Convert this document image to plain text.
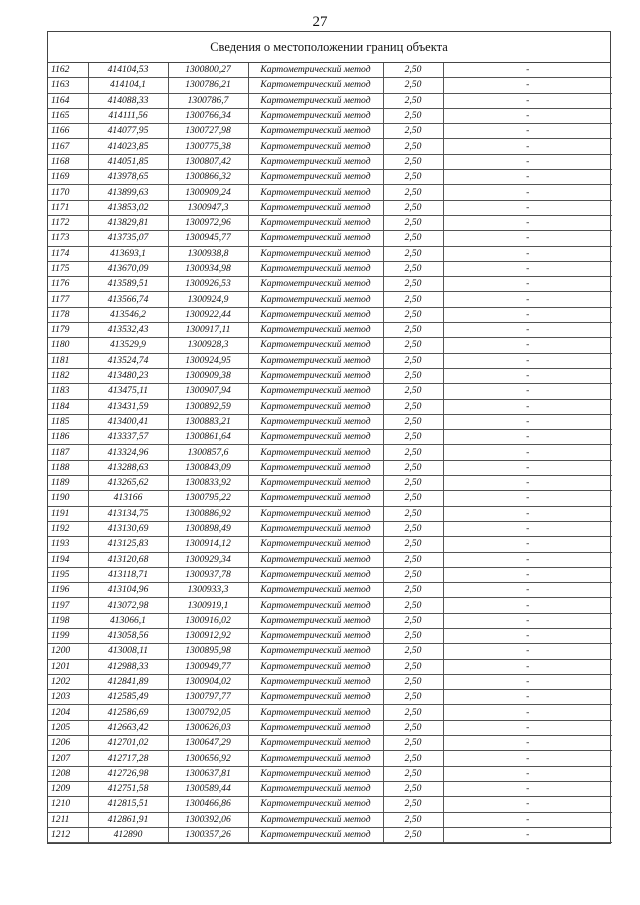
27
Сведения о местоположении границ объекта
1162	414104,53	1300800,27	Картометрический метод	2,50	-
1163	414104,1	1300786,21	Картометрический метод	2,50	-
1164	414088,33	1300786,7	Картометрический метод	2,50	-
1165	414111,56	1300766,34	Картометрический метод	2,50	-
1166	414077,95	1300727,98	Картометрический метод	2,50	-
1167	414023,85	1300775,38	Картометрический метод	2,50	-
1168	414051,85	1300807,42	Картометрический метод	2,50	-
1169	413978,65	1300866,32	Картометрический метод	2,50	-
1170	413899,63	1300909,24	Картометрический метод	2,50	-
1171	413853,02	1300947,3	Картометрический метод	2,50	-
1172	413829,81	1300972,96	Картометрический метод	2,50	-
1173	413735,07	1300945,77	Картометрический метод	2,50	-
1174	413693,1	1300938,8	Картометрический метод	2,50	-
1175	413670,09	1300934,98	Картометрический метод	2,50	-
1176	413589,51	1300926,53	Картометрический метод	2,50	-
1177	413566,74	1300924,9	Картометрический метод	2,50	-
1178	413546,2	1300922,44	Картометрический метод	2,50	-
1179	413532,43	1300917,11	Картометрический метод	2,50	-
1180	413529,9	1300928,3	Картометрический метод	2,50	-
1181	413524,74	1300924,95	Картометрический метод	2,50	-
1182	413480,23	1300909,38	Картометрический метод	2,50	-
1183	413475,11	1300907,94	Картометрический метод	2,50	-
1184	413431,59	1300892,59	Картометрический метод	2,50	-
1185	413400,41	1300883,21	Картометрический метод	2,50	-
1186	413337,57	1300861,64	Картометрический метод	2,50	-
1187	413324,96	1300857,6	Картометрический метод	2,50	-
1188	413288,63	1300843,09	Картометрический метод	2,50	-
1189	413265,62	1300833,92	Картометрический метод	2,50	-
1190	413166	1300795,22	Картометрический метод	2,50	-
1191	413134,75	1300886,92	Картометрический метод	2,50	-
1192	413130,69	1300898,49	Картометрический метод	2,50	-
1193	413125,83	1300914,12	Картометрический метод	2,50	-
1194	413120,68	1300929,34	Картометрический метод	2,50	-
1195	413118,71	1300937,78	Картометрический метод	2,50	-
1196	413104,96	1300933,3	Картометрический метод	2,50	-
1197	413072,98	1300919,1	Картометрический метод	2,50	-
1198	413066,1	1300916,02	Картометрический метод	2,50	-
1199	413058,56	1300912,92	Картометрический метод	2,50	-
1200	413008,11	1300895,98	Картометрический метод	2,50	-
1201	412988,33	1300949,77	Картометрический метод	2,50	-
1202	412841,89	1300904,02	Картометрический метод	2,50	-
1203	412585,49	1300797,77	Картометрический метод	2,50	-
1204	412586,69	1300792,05	Картометрический метод	2,50	-
1205	412663,42	1300626,03	Картометрический метод	2,50	-
1206	412701,02	1300647,29	Картометрический метод	2,50	-
1207	412717,28	1300656,92	Картометрический метод	2,50	-
1208	412726,98	1300637,81	Картометрический метод	2,50	-
1209	412751,58	1300589,44	Картометрический метод	2,50	-
1210	412815,51	1300466,86	Картометрический метод	2,50	-
1211	412861,91	1300392,06	Картометрический метод	2,50	-
1212	412890	1300357,26	Картометрический метод	2,50	-
